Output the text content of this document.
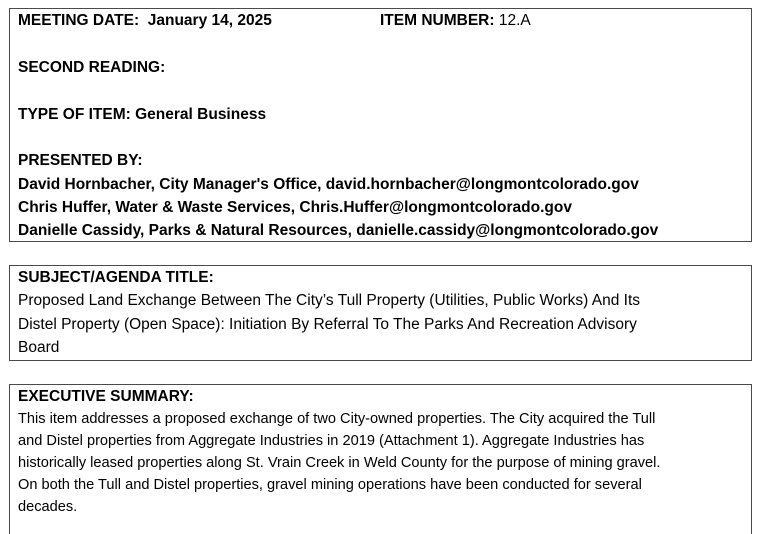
MEETING DATE: January 14, 2025	ITEM NUMBER: 12.A
SECOND READING:
TYPE OF ITEM: General Business
PRESENTED BY:
David Hornbacher, City Manager's Office, david.hornbacher@longmontcolorado.gov
Chris Huffer, Water & Waste Services, Chris.Huffer@longmontcolorado.gov
Danielle Cassidy, Parks & Natural Resources, danielle.cassidy@longmontcolorado.gov
SUBJECT/AGENDA TITLE:
Proposed Land Exchange Between The City’s Tull Property (Utilities, Public Works) And Its
Distel Property (Open Space): Initiation By Referral To The Parks And Recreation Advisory
Board
EXECUTIVE SUMMARY:
This item addresses a proposed exchange of two City-owned properties. The City acquired the Tull
and Distel properties from Aggregate Industries in 2019 (Attachment 1). Aggregate Industries has
historically leased properties along St. Vrain Creek in Weld County for the purpose of mining gravel.
On both the Tull and Distel properties, gravel mining operations have been conducted for several
decades.
